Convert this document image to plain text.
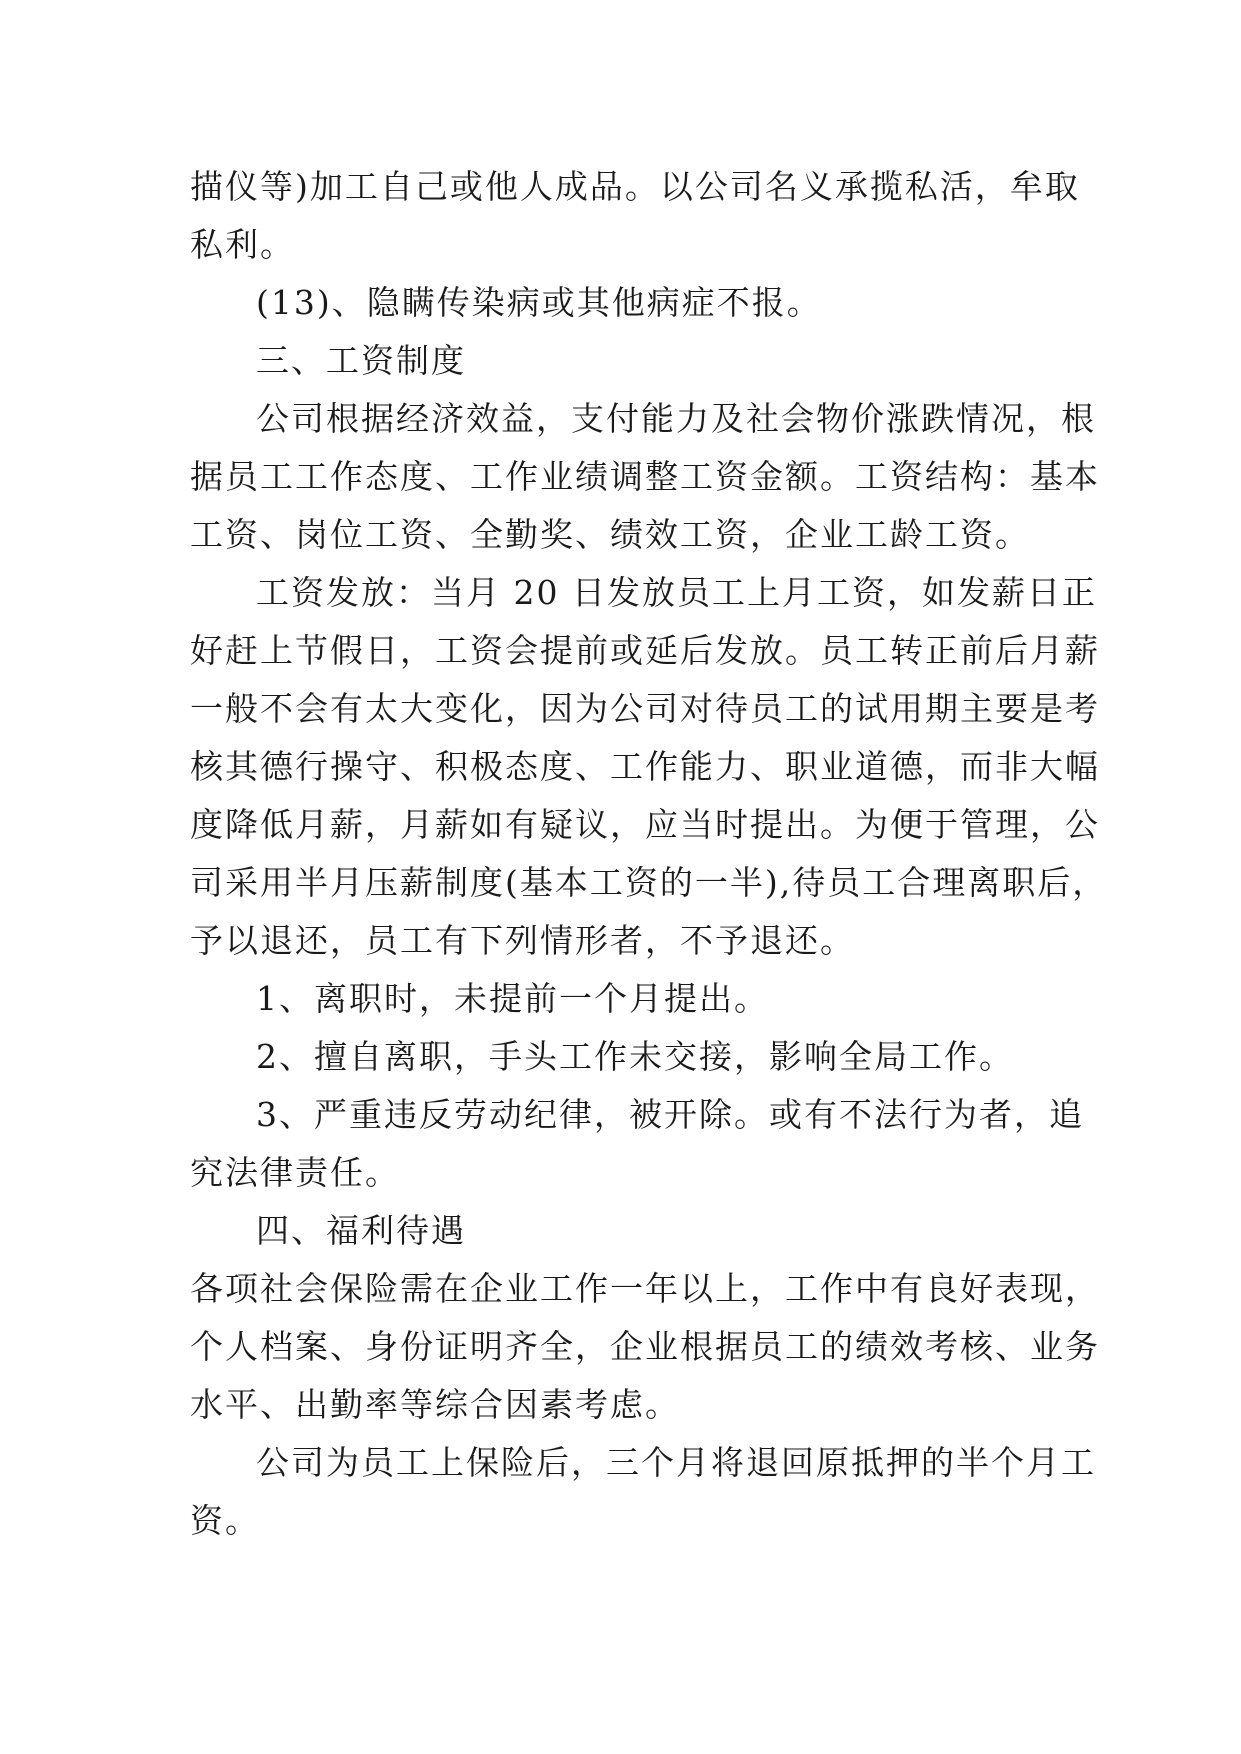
描仪等)加工自己或他人成品。以公司名义承揽私活，牟取
私利。
(13)、隐瞒传染病或其他病症不报。
三、工资制度
公司根据经济效益，支付能力及社会物价涨跌情况，根
据员工工作态度、工作业绩调整工资金额。工资结构：基本
工资、岗位工资、全勤奖、绩效工资，企业工龄工资。
工资发放：当月 20 日发放员工上月工资，如发薪日正
好赶上节假日，工资会提前或延后发放。员工转正前后月薪
一般不会有太大变化，因为公司对待员工的试用期主要是考
核其德行操守、积极态度、工作能力、职业道德，而非大幅
度降低月薪，月薪如有疑议，应当时提出。为便于管理，公
司采用半月压薪制度(基本工资的一半),待员工合理离职后，
予以退还，员工有下列情形者，不予退还。
1、离职时，未提前一个月提出。
2、擅自离职，手头工作未交接，影响全局工作。
3、严重违反劳动纪律，被开除。或有不法行为者，追
究法律责任。
四、福利待遇
各项社会保险需在企业工作一年以上，工作中有良好表现，
个人档案、身份证明齐全，企业根据员工的绩效考核、业务
水平、出勤率等综合因素考虑。
公司为员工上保险后，三个月将退回原抵押的半个月工
资。
